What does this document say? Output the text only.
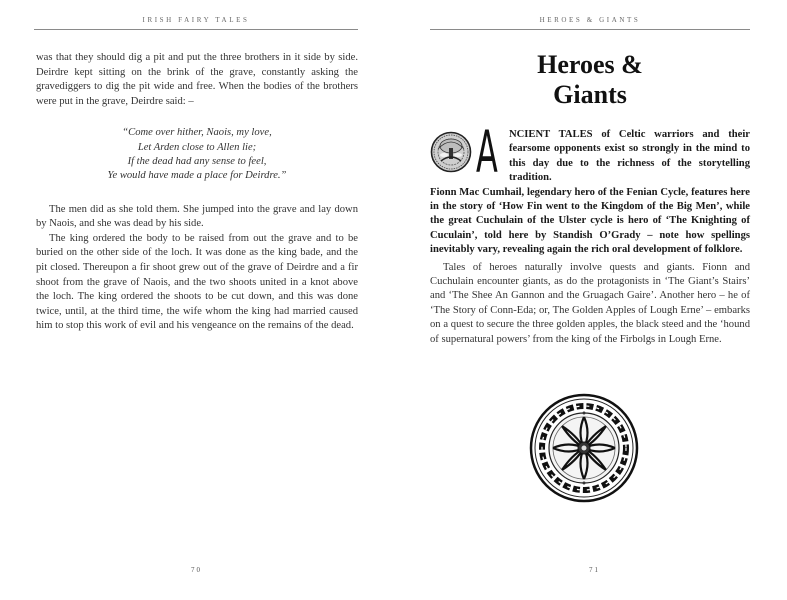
IRISH FAIRY TALES

was that they should dig a pit and put the three brothers in it side by side. Deirdre kept sitting on the brink of the grave, constantly asking the gravediggers to dig the pit wide and free. When the bodies of the brothers were put in the grave, Deirdre said: –

“Come over hither, Naois, my love,
Let Arden close to Allen lie;
If the dead had any sense to feel,
Ye would have made a place for Deirdre.”

The men did as she told them. She jumped into the grave and lay down by Naois, and she was dead by his side.

The king ordered the body to be raised from out the grave and to be buried on the other side of the loch. It was done as the king bade, and the pit closed. Thereupon a fir shoot grew out of the grave of Deirdre and a fir shoot from the grave of Naois, and the two shoots united in a knot above the loch. The king ordered the shoots to be cut down, and this was done twice, until, at the third time, the wife whom the king had married caused him to stop this work of evil and his vengeance on the remains of the dead.

70
HEROES & GIANTS
Heroes &
Giants
A	NCIENT TALES of Celtic warriors and their fearsome opponents exist so strongly in the mind to this day due to the richness of the storytelling tradition.
Fionn Mac Cumhail, legendary hero of the Fenian Cycle, features here in the story of ‘How Fin went to the Kingdom of the Big Men’, while the great Cuchulain of the Ulster cycle is hero of ‘The Knighting of Cuculain’, told here by Standish O’Grady – note how spellings inevitably vary, revealing again the rich oral development of folklore.

Tales of heroes naturally involve quests and giants. Fionn and Cuchulain encounter giants, as do the protagonists in ‘The Giant’s Stairs’ and ‘The Shee An Gannon and the Gruagach Gaire’. Another hero – he of ‘The Story of Conn-Eda; or, The Golden Apples of Lough Erne’ – embarks on a quest to secure the three golden apples, the black steed and the ‘hound of supernatural powers’ from the king of the Firbolgs in Lough Erne.

71
